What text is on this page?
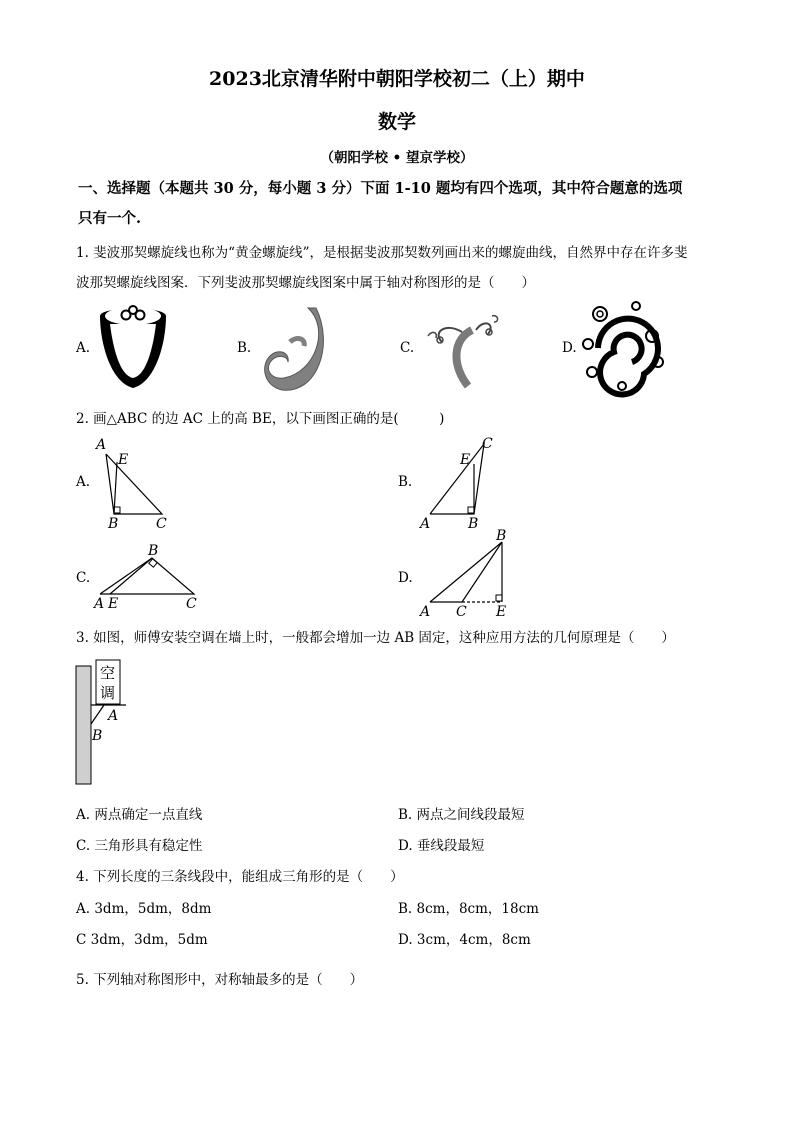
2023北京清华附中朝阳学校初二（上）期中
数学
（朝阳学校 • 望京学校）
一、选择题（本题共 30 分，每小题 3 分）下面 1-10 题均有四个选项，其中符合题意的选项
只有一个.
1. 斐波那契螺旋线也称为“黄金螺旋线”，是根据斐波那契数列画出来的螺旋曲线，自然界中存在许多斐
波那契螺旋线图案．下列斐波那契螺旋线图案中属于轴对称图形的是（　　）
A.	B.	C.	D.
2. 画△ABC 的边 AC 上的高 BE，以下画图正确的是(　　　)
A.
A
E
B	C
B.
A	B
C
E
C.
A E
B
C
D.
A C
B
E
3. 如图，师傅安装空调在墙上时，一般都会增加一边 AB 固定，这种应用方法的几何原理是（　　）
空
调
A
B
A. 两点确定一点直线	B. 两点之间线段最短
C. 三角形具有稳定性	D. 垂线段最短
4. 下列长度的三条线段中，能组成三角形的是（　　）
A. 3dm，5dm，8dm	B. 8cm，8cm，18cm
C 3dm，3dm，5dm	D. 3cm，4cm，8cm
5. 下列轴对称图形中，对称轴最多的是（　　）
